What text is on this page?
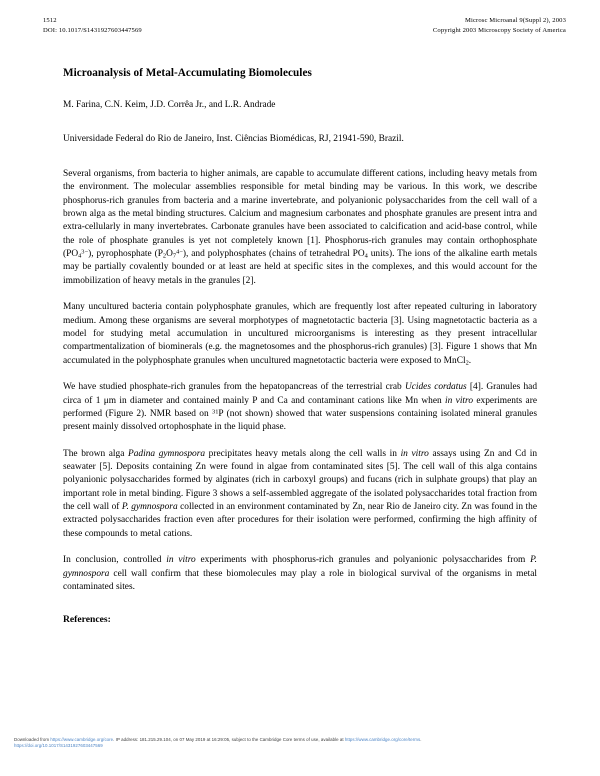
1512
DOI: 10.1017/S1431927603447569
Microsc Microanal 9(Suppl 2), 2003
Copyright 2003 Microscopy Society of America
Microanalysis of Metal-Accumulating Biomolecules
M. Farina, C.N. Keim, J.D. Corrêa Jr., and L.R. Andrade
Universidade Federal do Rio de Janeiro, Inst. Ciências Biomédicas, RJ, 21941-590, Brazil.

Several organisms, from bacteria to higher animals, are capable to accumulate different cations, including heavy metals from the environment. The molecular assemblies responsible for metal binding may be various. In this work, we describe phosphorus-rich granules from bacteria and a marine invertebrate, and polyanionic polysaccharides from the cell wall of a brown alga as the metal binding structures. Calcium and magnesium carbonates and phosphate granules are present intra and extra-cellularly in many invertebrates. Carbonate granules have been associated to calcification and acid-base control, while the role of phosphate granules is yet not completely known [1]. Phosphorus-rich granules may contain orthophosphate $(PO_4^{3-})$, pyrophosphate $(P_2O_7^{4-})$, and polyphosphates (chains of tetrahedral $PO_4$ units). The ions of the alkaline earth metals may be partially covalently bounded or at least are held at specific sites in the complexes, and this would account for the immobilization of heavy metals in the granules [2].

Many uncultured bacteria contain polyphosphate granules, which are frequently lost after repeated culturing in laboratory medium. Among these organisms are several morphotypes of magnetotactic bacteria [3]. Using magnetotactic bacteria as a model for studying metal accumulation in uncultured microorganisms is interesting as they present intracellular compartmentalization of biominerals (e.g. the magnetosomes and the phosphorus-rich granules) [3]. Figure 1 shows that Mn accumulated in the polyphosphate granules when uncultured magnetotactic bacteria were exposed to MnCl$_2$.

We have studied phosphate-rich granules from the hepatopancreas of the terrestrial crab Ucides cordatus [4]. Granules had circa of 1 μm in diameter and contained mainly P and Ca and contaminant cations like Mn when in vitro experiments are performed (Figure 2). NMR based on $^{31}$P (not shown) showed that water suspensions containing isolated mineral granules present mainly dissolved ortophosphate in the liquid phase.

The brown alga Padina gymnospora precipitates heavy metals along the cell walls in in vitro assays using Zn and Cd in seawater [5]. Deposits containing Zn were found in algae from contaminated sites [5]. The cell wall of this alga contains polyanionic polysaccharides formed by alginates (rich in carboxyl groups) and fucans (rich in sulphate groups) that play an important role in metal binding. Figure 3 shows a self-assembled aggregate of the isolated polysaccharides total fraction from the cell wall of P. gymnospora collected in an environment contaminated by Zn, near Rio de Janeiro city. Zn was found in the extracted polysaccharides fraction even after procedures for their isolation were performed, confirming the high affinity of these compounds to metal cations.

In conclusion, controlled in vitro experiments with phosphorus-rich granules and polyanionic polysaccharides from P. gymnospora cell wall confirm that these biomolecules may play a role in biological survival of the organisms in metal contaminated sites.

References:
Downloaded from https://www.cambridge.org/core. IP address: 181.215.29.104, on 07 May 2019 at 16:29:05, subject to the Cambridge Core terms of use, available at https://www.cambridge.org/core/terms.
https://doi.org/10.1017/S1431927603447569
